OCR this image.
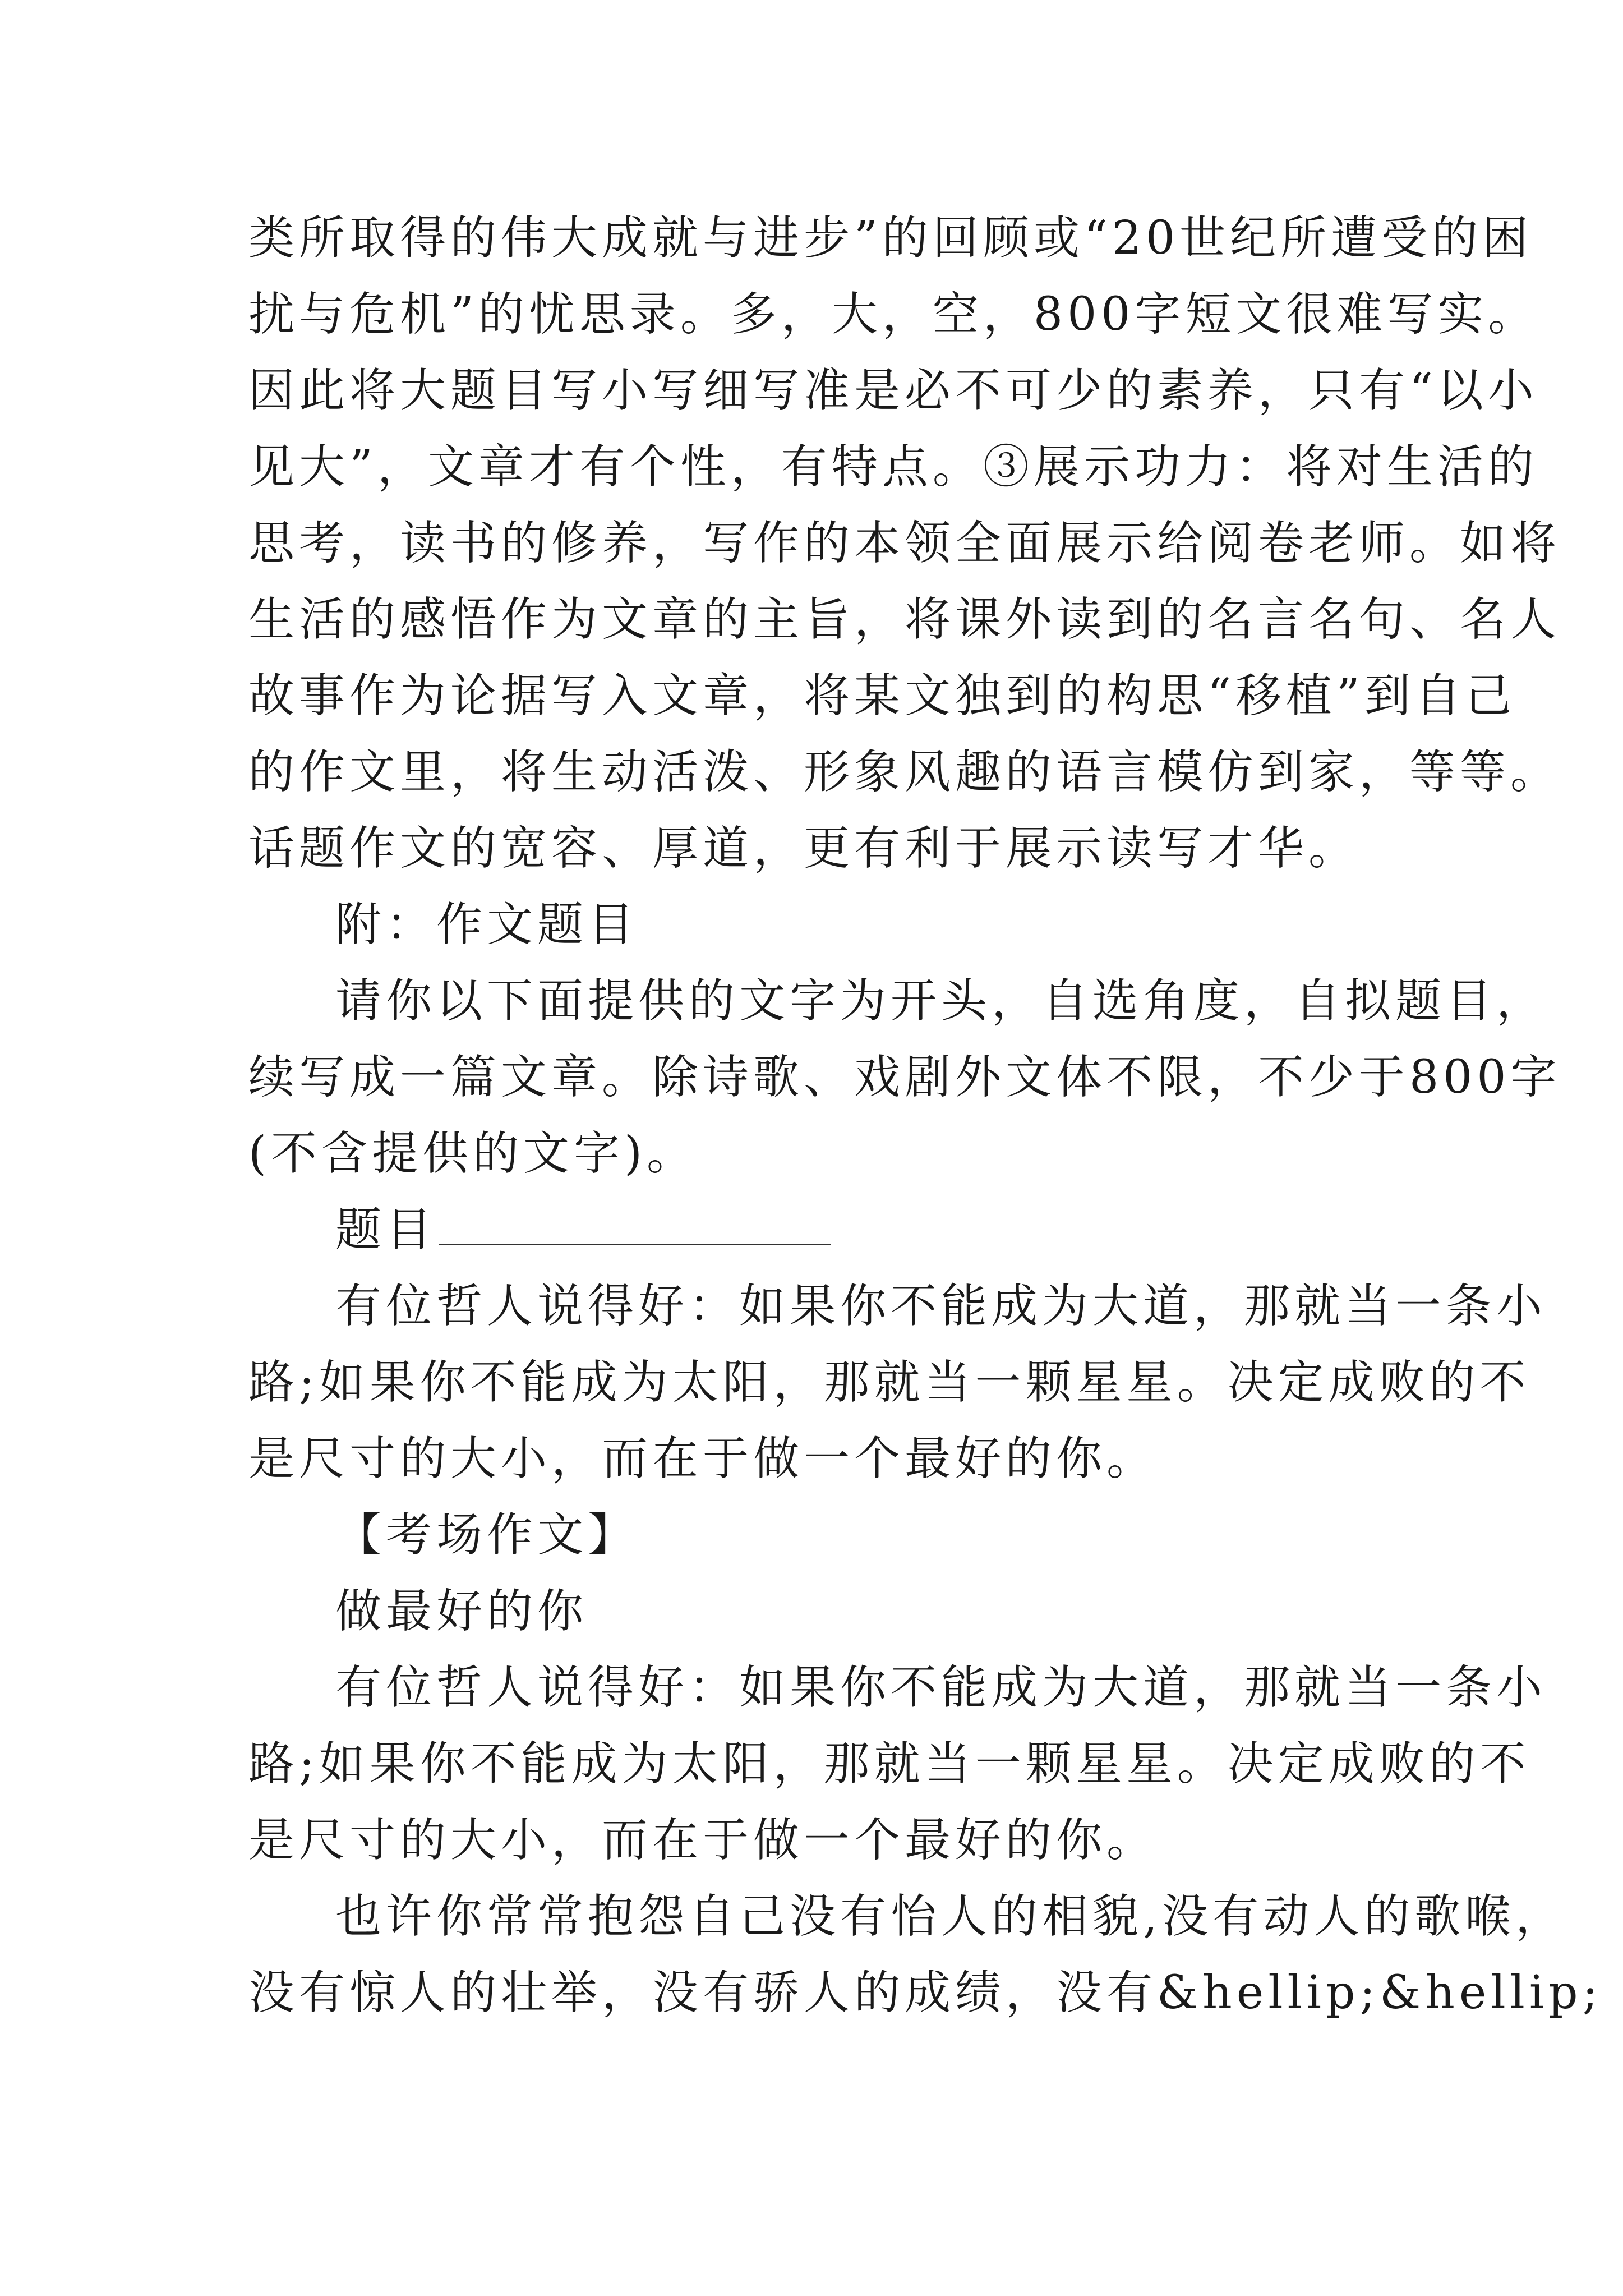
类所取得的伟大成就与进步”的回顾或“20世纪所遭受的困
扰与危机”的忧思录。多，大，空，800字短文很难写实。
因此将大题目写小写细写准是必不可少的素养，只有“以小
见大”，文章才有个性，有特点。③展示功力：将对生活的
思考，读书的修养，写作的本领全面展示给阅卷老师。如将
生活的感悟作为文章的主旨，将课外读到的名言名句、名人
故事作为论据写入文章，将某文独到的构思“移植”到自己
的作文里，将生动活泼、形象风趣的语言模仿到家，等等。
话题作文的宽容、厚道，更有利于展示读写才华。
附：作文题目
请你以下面提供的文字为开头，自选角度，自拟题目，
续写成一篇文章。除诗歌、戏剧外文体不限，不少于800字
(不含提供的文字)。
题目
有位哲人说得好：如果你不能成为大道，那就当一条小
路;如果你不能成为太阳，那就当一颗星星。决定成败的不
是尺寸的大小，而在于做一个最好的你。
【考场作文】
做最好的你
有位哲人说得好：如果你不能成为大道，那就当一条小
路;如果你不能成为太阳，那就当一颗星星。决定成败的不
是尺寸的大小，而在于做一个最好的你。
也许你常常抱怨自己没有怡人的相貌,没有动人的歌喉，
没有惊人的壮举，没有骄人的成绩，没有&hellip;&hellip;
